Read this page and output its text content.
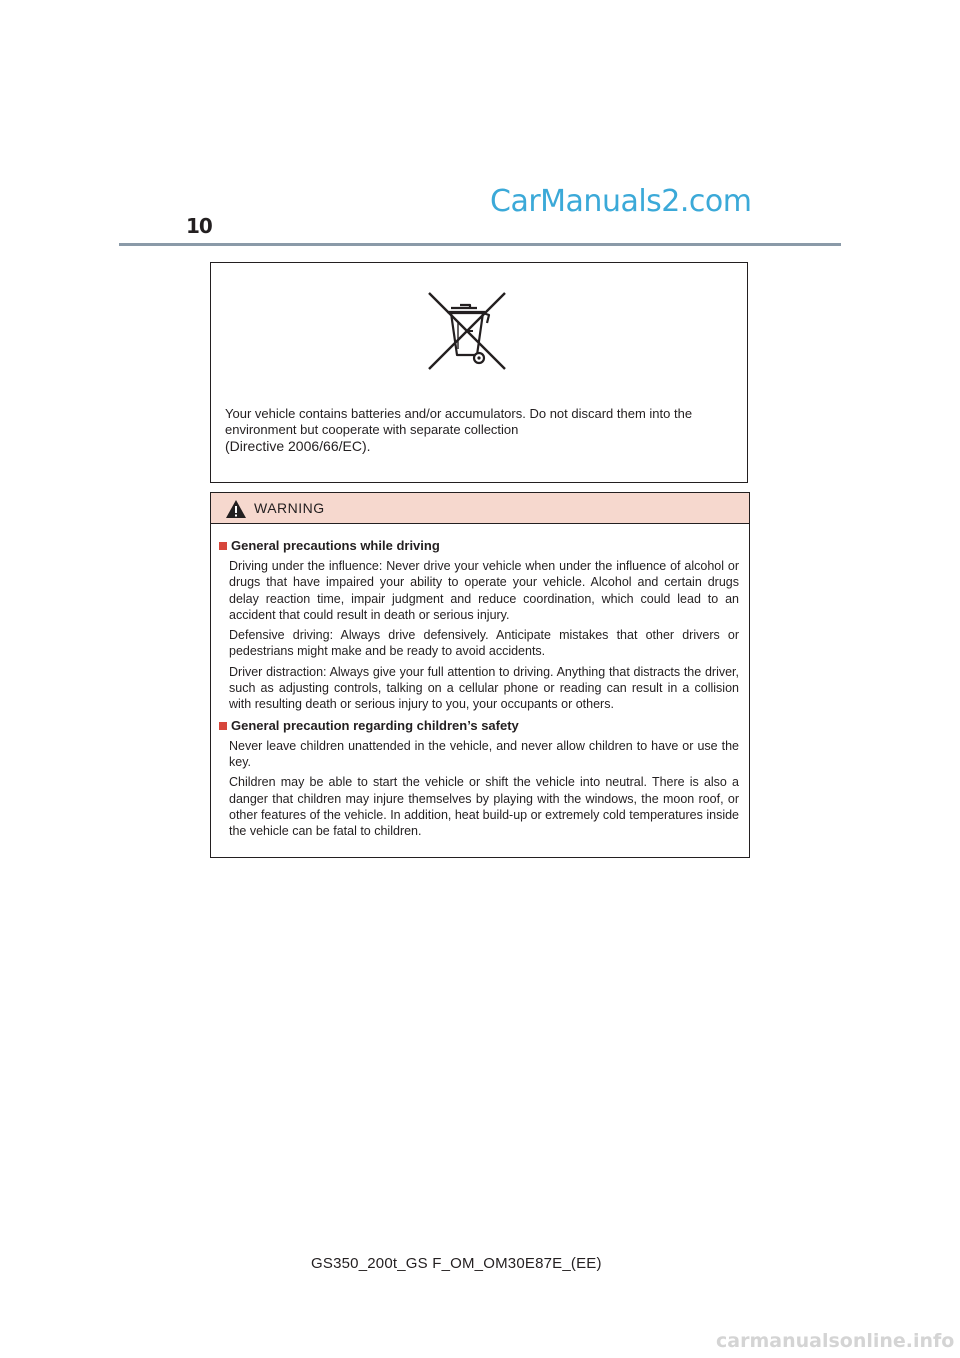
10
CarManuals2.com
Your vehicle contains batteries and/or accumulators. Do not discard them into the
environment but cooperate with separate collection
(Directive 2006/66/EC).
WARNING
General precautions while driving

Driving under the influence: Never drive your vehicle when under the influence of alcohol or drugs that have impaired your ability to operate your vehicle. Alcohol and certain drugs delay reaction time, impair judgment and reduce coordination, which could lead to an accident that could result in death or serious injury.

Defensive driving: Always drive defensively. Anticipate mistakes that other drivers or pedestrians might make and be ready to avoid accidents.

Driver distraction: Always give your full attention to driving. Anything that distracts the driver, such as adjusting controls, talking on a cellular phone or reading can result in a collision with resulting death or serious injury to you, your occupants or others.

General precaution regarding children’s safety

Never leave children unattended in the vehicle, and never allow children to have or use the key.

Children may be able to start the vehicle or shift the vehicle into neutral. There is also a danger that children may injure themselves by playing with the windows, the moon roof, or other features of the vehicle. In addition, heat build-up or extremely cold temperatures inside the vehicle can be fatal to children.

GS350_200t_GS F_OM_OM30E87E_(EE)
carmanualsonline.info
